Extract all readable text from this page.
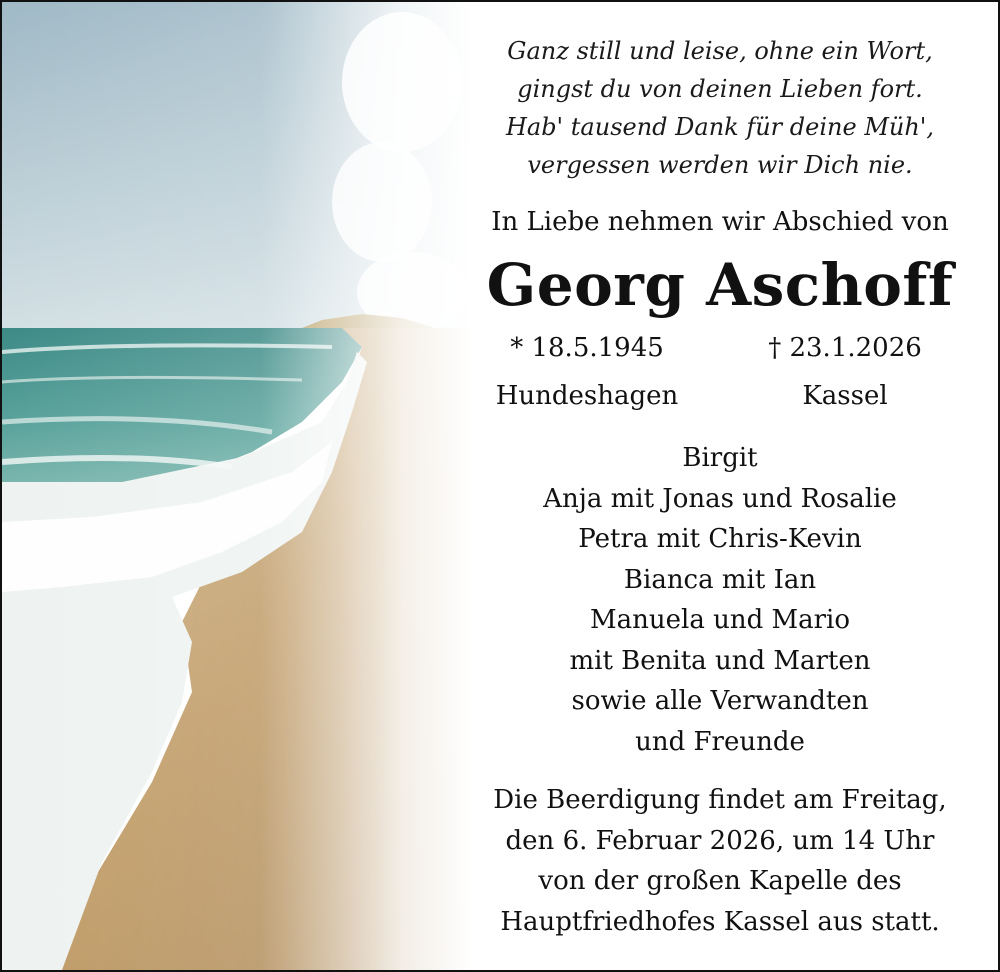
Ganz still und leise, ohne ein Wort,
gingst du von deinen Lieben fort.
Hab' tausend Dank für deine Müh',
vergessen werden wir Dich nie.
In Liebe nehmen wir Abschied von
Georg Aschoff
* 18.5.1945
Hundeshagen
† 23.1.2026
Kassel
Birgit
Anja mit Jonas und Rosalie
Petra mit Chris-Kevin
Bianca mit Ian
Manuela und Mario
mit Benita und Marten
sowie alle Verwandten
und Freunde
Die Beerdigung findet am Freitag,
den 6. Februar 2026, um 14 Uhr
von der großen Kapelle des
Hauptfriedhofes Kassel aus statt.
